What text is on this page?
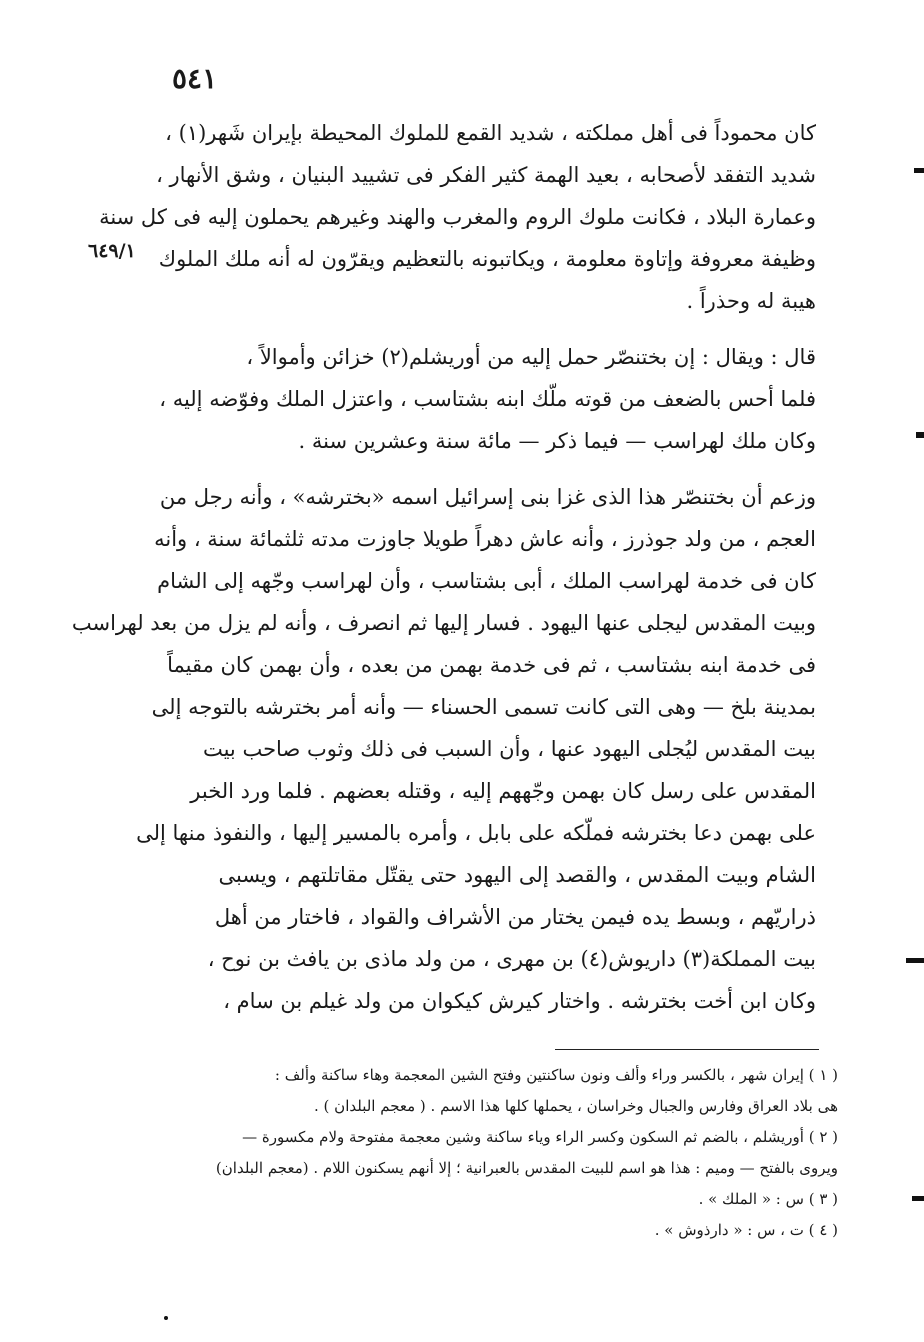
٥٤١
٦٤٩/١
كان محموداً فى أهل مملكته ، شديد القمع للملوك المحيطة بإيران شَهر(١) ،
شديد التفقد لأصحابه ، بعيد الهمة كثير الفكر فى تشييد البنيان ، وشق الأنهار ،
وعمارة البلاد ، فكانت ملوك الروم والمغرب والهند وغيرهم يحملون إليه فى كل سنة
وظيفة معروفة وإتاوة معلومة ، ويكاتبونه بالتعظيم ويقرّون له أنه ملك الملوك
هيبة له وحذراً .
قال : ويقال : إن بختنصّر حمل إليه من أوريشلم(٢) خزائن وأموالاً ،
فلما أحس بالضعف من قوته ملّك ابنه بشتاسب ، واعتزل الملك وفوّضه إليه ،
وكان ملك لهراسب — فيما ذكر — مائة سنة وعشرين سنة .
وزعم أن بختنصّر هذا الذى غزا بنى إسرائيل اسمه «بخترشه» ، وأنه رجل من
العجم ، من ولد جوذرز ، وأنه عاش دهراً طويلا جاوزت مدته ثلثمائة سنة ، وأنه
كان فى خدمة لهراسب الملك ، أبى بشتاسب ، وأن لهراسب وجّهه إلى الشام
وبيت المقدس ليجلى عنها اليهود . فسار إليها ثم انصرف ، وأنه لم يزل من بعد لهراسب
فى خدمة ابنه بشتاسب ، ثم فى خدمة بهمن من بعده ، وأن بهمن كان مقيماً
بمدينة بلخ — وهى التى كانت تسمى الحسناء — وأنه أمر بخترشه بالتوجه إلى
بيت المقدس ليُجلى اليهود عنها ، وأن السبب فى ذلك وثوب صاحب بيت
المقدس على رسل كان بهمن وجّههم إليه ، وقتله بعضهم . فلما ورد الخبر
على بهمن دعا بخترشه فملّكه على بابل ، وأمره بالمسير إليها ، والنفوذ منها إلى
الشام وبيت المقدس ، والقصد إلى اليهود حتى يقتّل مقاتلتهم ، ويسبى
ذراريّهم ، وبسط يده فيمن يختار من الأشراف والقواد ، فاختار من أهل
بيت المملكة(٣) داريوش(٤) بن مهرى ، من ولد ماذى بن يافث بن نوح ،
وكان ابن أخت بخترشه . واختار كيرش كيكوان من ولد غيلم بن سام ،
( ١ ) إيران شهر ، بالكسر وراء وألف ونون ساكنتين وفتح الشين المعجمة وهاء ساكنة وألف :
هى بلاد العراق وفارس والجبال وخراسان ، يحملها كلها هذا الاسم . ( معجم البلدان ) .
( ٢ ) أوريشلم ، بالضم ثم السكون وكسر الراء وياء ساكنة وشين معجمة مفتوحة ولام مكسورة —
ويروى بالفتح — وميم : هذا هو اسم للبيت المقدس بالعبرانية ؛ إلا أنهم يسكنون اللام . (معجم البلدان)
( ٣ ) س : « الملك » .
( ٤ ) ت ، س : « دارذوش » .
